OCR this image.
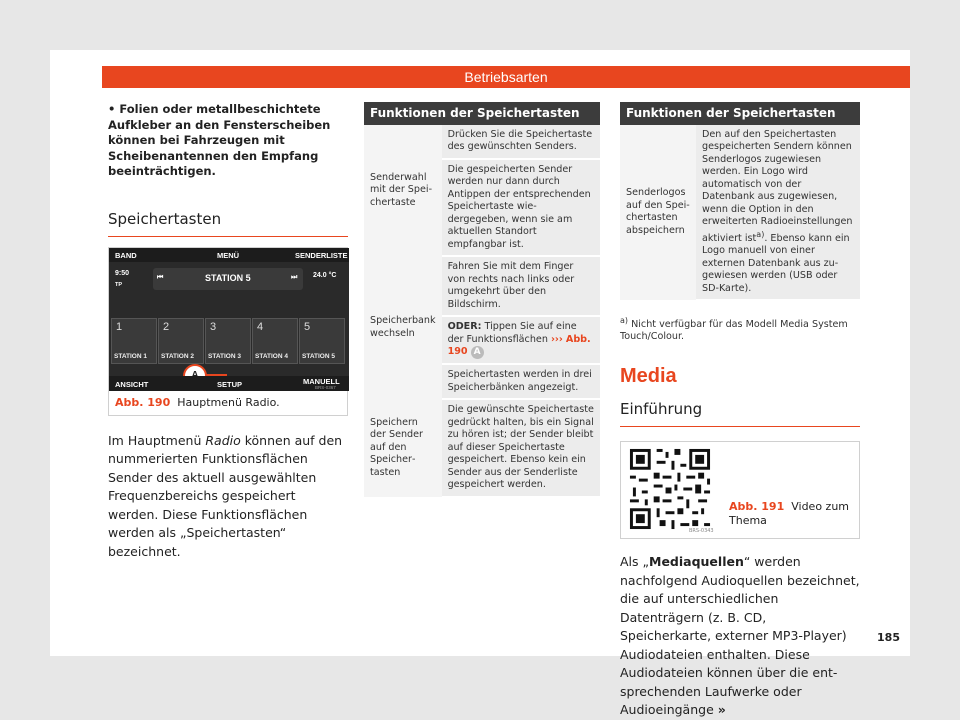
Betriebsarten
• Folien oder metallbeschichtete Aufkleber an den Fensterscheiben können bei Fahrzeugen mit Scheibenantennen den Empfang beeinträchtigen.
Speichertasten
BAND	MENÜ	SENDERLISTE
9:50
TP
⏮	STATION 5	⏭ 24.0 °C
1
STATION 1
2
STATION 2
3
STATION 3
4
STATION 4
5
STATION 5
ANSICHT	SETUP	MANUELL
BRS-0367
Abb. 190 Hauptmenü Radio.
Im Hauptmenü Radio können auf den nummerierten Funktionsflächen Sender des aktuell ausgewählten Frequenzbereichs gespeichert werden. Diese Funktionsflächen werden als „Speichertasten“ bezeichnet.
Funktionen der Speichertasten	
Senderwahl mit der Speichertaste	Drücken Sie die Speichertaste des gewünschten Senders.
	Die gespeicherten Sender werden nur dann durch Antippen der entsprechenden Speichertaste wiedergegeben, wenn sie am aktuellen Standort empfangbar ist.
Speicherbank wechseln	Fahren Sie mit dem Finger von rechts nach links oder umgekehrt über den Bildschirm.
	ODER: Tippen Sie auf eine der Funktionsflächen ››› Abb. 190 A
	Speichertasten werden in drei Speicherbänken angezeigt.
Speichern der Sender auf den Speichertasten	Die gewünschte Speichertaste gedrückt halten, bis ein Signal zu hören ist; der Sender bleibt auf dieser Speichertaste gespeichert. Ebenso kein ein Sender aus der Senderliste gespeichert werden.
Funktionen der Speichertasten
Senderlogos auf den Speichertasten abspeichern	Den auf den Speichertasten gespeicherten Sendern können Senderlogos zugewiesen werden. Ein Logo wird automatisch von der Datenbank aus zugewiesen, wenn die Option in den erweiterten Radioeinstellungen aktiviert ist$^{a)}$. Ebenso kann ein Logo manuell von einer externen Datenbank aus zugewiesen werden (USB oder SD-Karte).
$^{a)}$ Nicht verfügbar für das Modell Media System Touch/Colour.
Media
Einführung
BRS-0343
Abb. 191 Video zum Thema
Als „Mediaquellen“ werden nachfolgend Audioquellen bezeichnet, die auf unterschiedlichen Datenträgern (z. B. CD, Speicherkarte, externer MP3-Player) Audiodateien enthalten. Diese Audiodateien können über die entsprechenden Laufwerke oder Audioeingänge »
185
